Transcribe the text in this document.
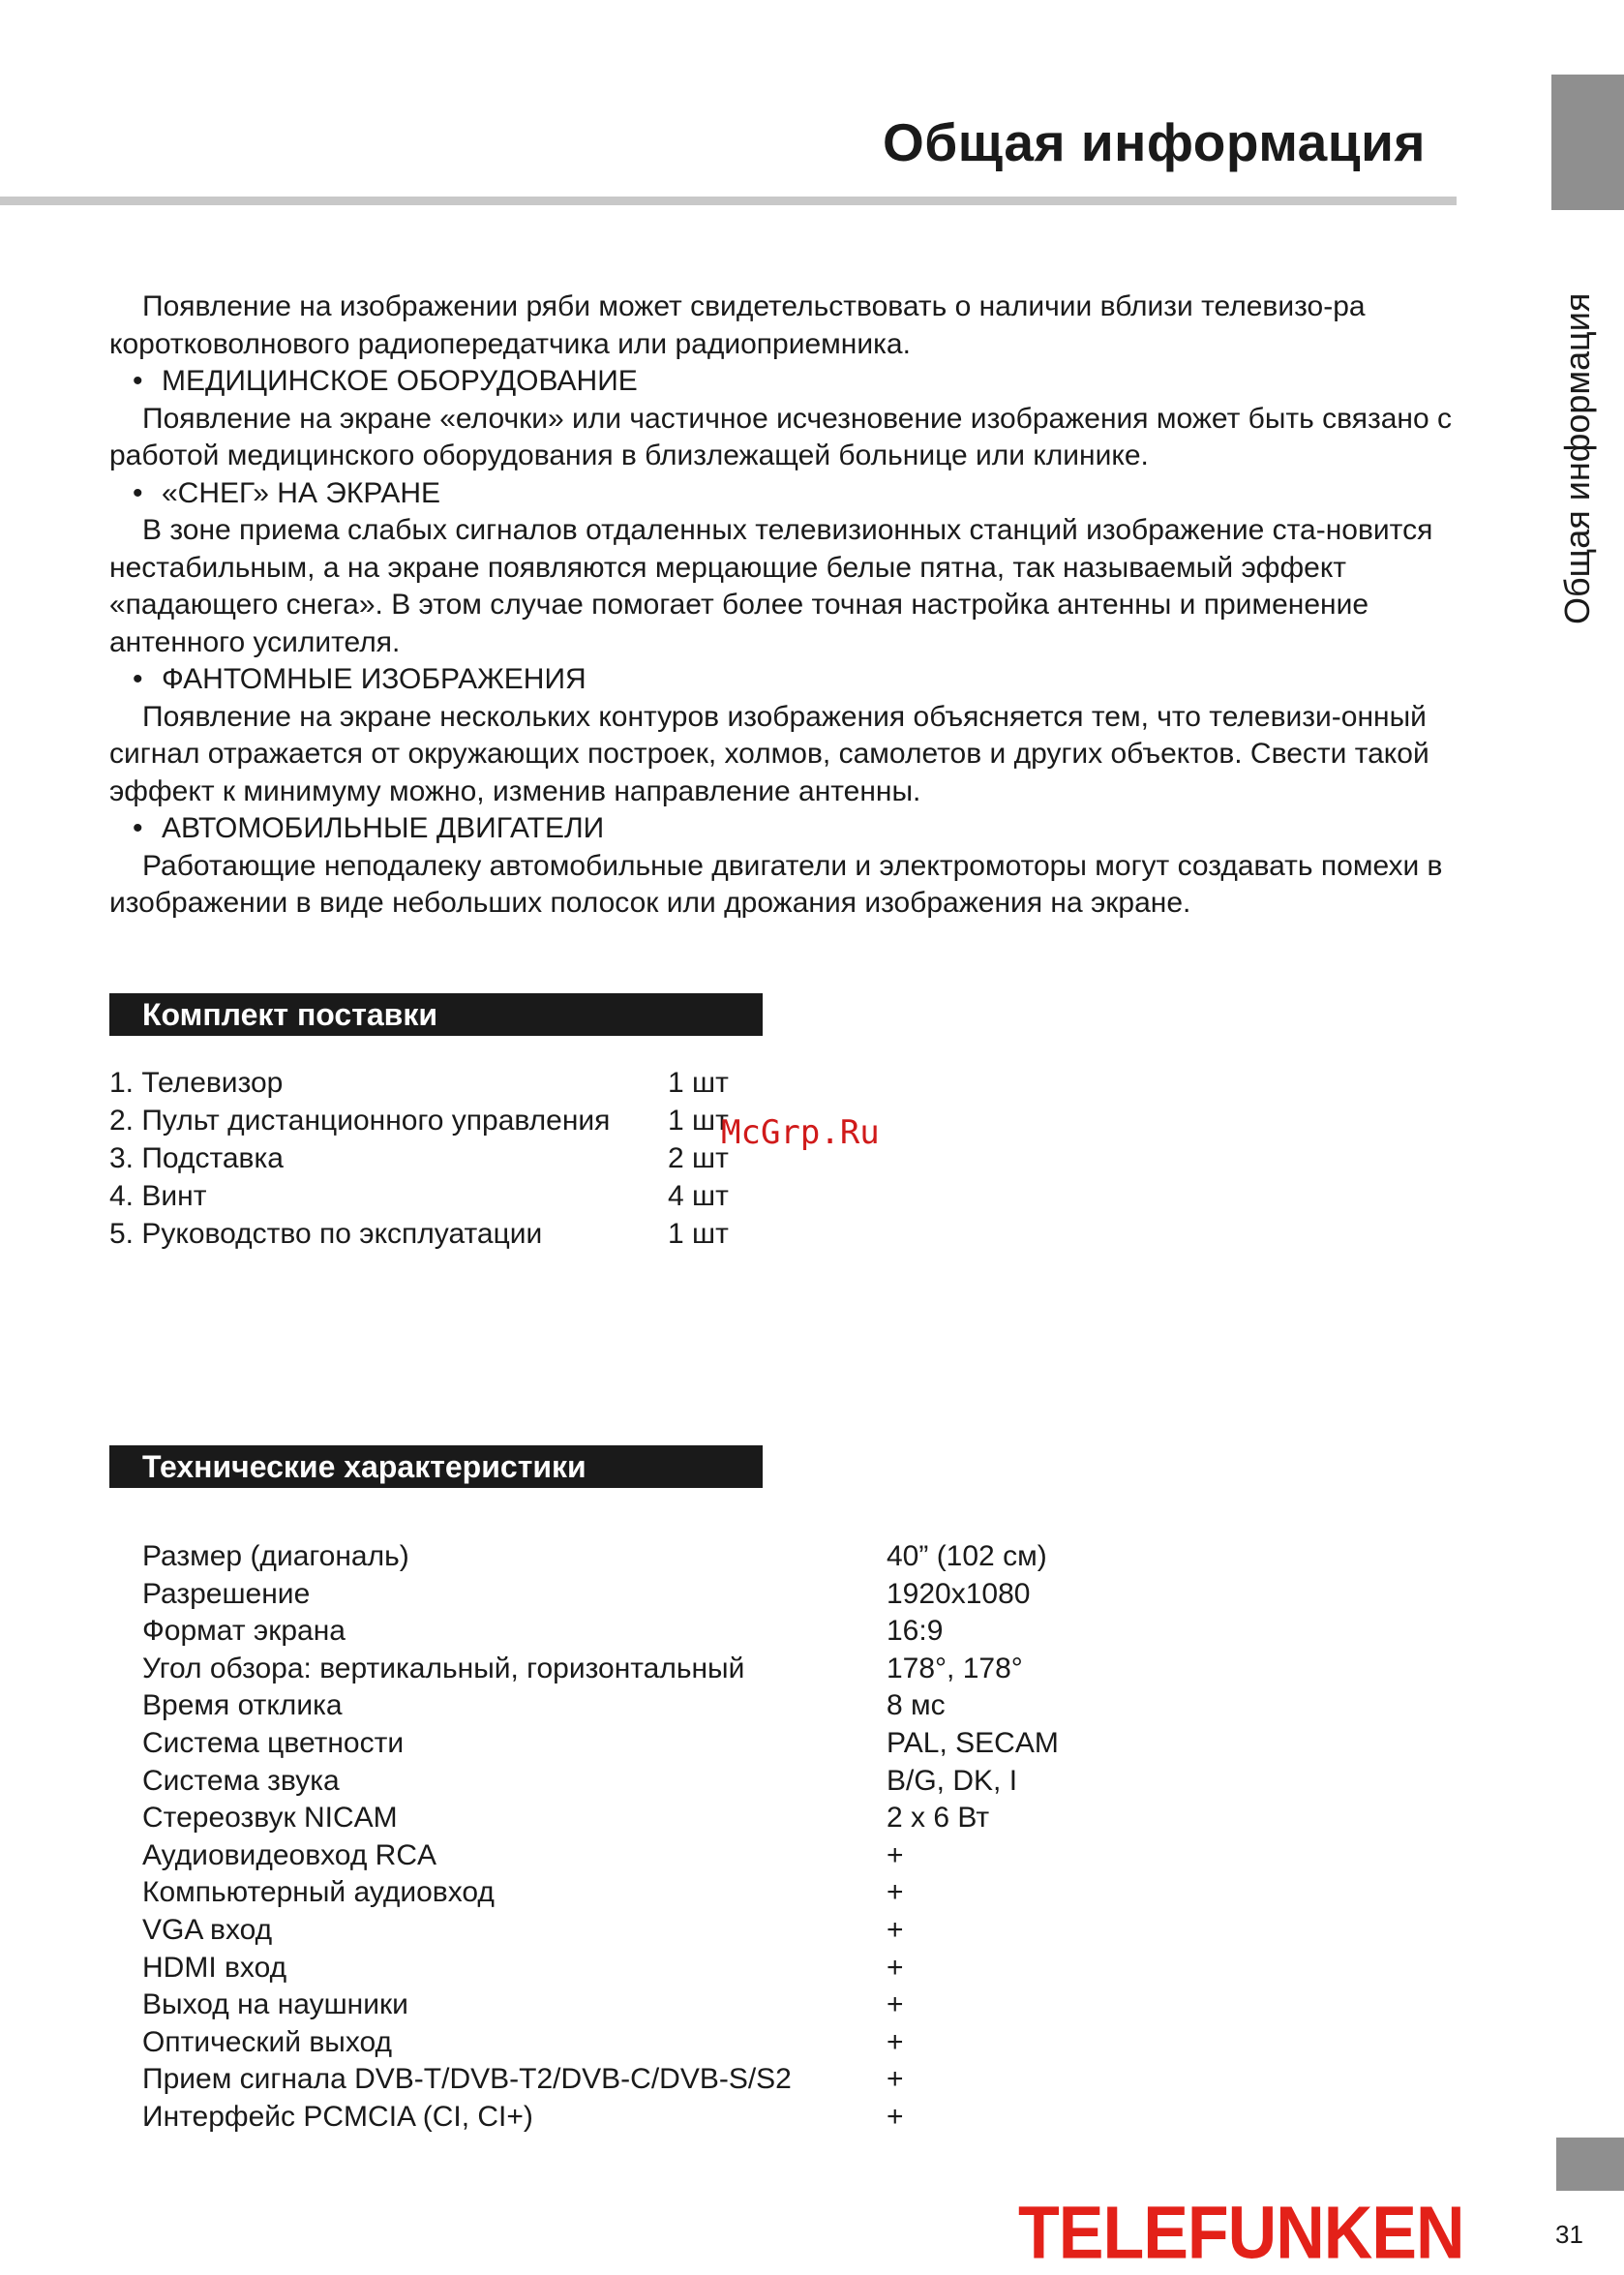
Общая информация
Общая информация

Появление на изображении ряби может свидетельствовать о наличии вблизи телевизо-ра коротковолнового радиопередатчика или радиоприемника.

• МЕДИЦИНСКОЕ ОБОРУДОВАНИЕ

Появление на экране «елочки» или частичное исчезновение изображения может быть связано с работой медицинского оборудования в близлежащей больнице или клинике.

• «СНЕГ» НА ЭКРАНЕ

В зоне приема слабых сигналов отдаленных телевизионных станций изображение ста-новится нестабильным, а на экране появляются мерцающие белые пятна, так называемый эффект «падающего снега». В этом случае помогает более точная настройка антенны и применение антенного усилителя.

• ФАНТОМНЫЕ ИЗОБРАЖЕНИЯ

Появление на экране нескольких контуров изображения объясняется тем, что телевизи-онный сигнал отражается от окружающих построек, холмов, самолетов и других объектов. Свести такой эффект к минимуму можно, изменив направление антенны.

• АВТОМОБИЛЬНЫЕ ДВИГАТЕЛИ

Работающие неподалеку автомобильные двигатели и электромоторы могут создавать помехи в изображении в виде небольших полосок или дрожания изображения на экране.

Комплект поставки
1. Телевизор	1 шт
2. Пульт дистанционного управления	1 шт
3. Подставка	2 шт
4. Винт	4 шт
5. Руководство по эксплуатации	1 шт
McGrp.Ru
Технические характеристики
Размер (диагональ)	40” (102 см)
Разрешение	1920x1080
Формат экрана	16:9
Угол обзора: вертикальный, горизонтальный	178°, 178°
Время отклика	8 мс
Система цветности	PAL, SECAM
Система звука	B/G, DK, I
Стереозвук NICAM	2 x 6 Вт
Аудиовидеовход RCA	+
Компьютерный аудиовход	+
VGA вход	+
HDMI вход	+
Выход на наушники	+
Оптический выход	+
Прием сигнала DVB-T/DVB-T2/DVB-C/DVB-S/S2	+
Интерфейс PCMCIA (CI, CI+)	+
TELEFUNKEN	31
